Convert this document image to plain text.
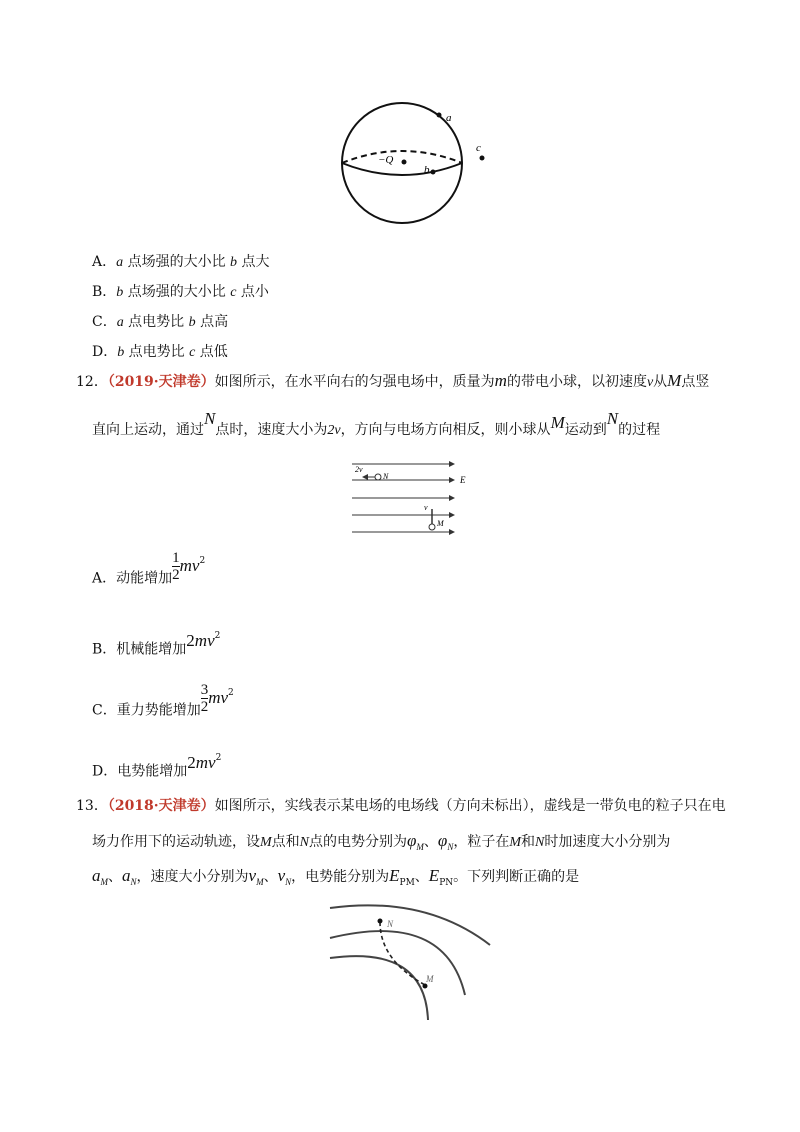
a
−Q
b
c
A．a 点场强的大小比 b 点大
B．b 点场强的大小比 c 点小
C．a 点电势比 b 点高
D．b 点电势比 c 点低
12．（2019·天津卷）如图所示，在水平向右的匀强电场中，质量为m的带电小球，以初速度v从M点竖
直向上运动，通过N点时，速度大小为2v，方向与电场方向相反，则小球从M运动到N的过程
2v
N	E
v
M
A．动能增加 $\frac{1}{2} mv^2$
B．机械能增加$2mv^2$
C．重力势能增加 $\frac{3}{2} mv^2$
D．电势能增加$2mv^2$
13．（2018·天津卷）如图所示，实线表示某电场的电场线（方向未标出），虚线是一带负电的粒子只在电
场力作用下的运动轨迹，设M点和N点的电势分别为$\varphi_M$、$\varphi_N$，粒子在M和N时加速度大小分别为
$a_M$、$a_N$，速度大小分别为$v_M$、$v_N$，电势能分别为$E_{PM}$、$E_{PN}$。下列判断正确的是
N
M
